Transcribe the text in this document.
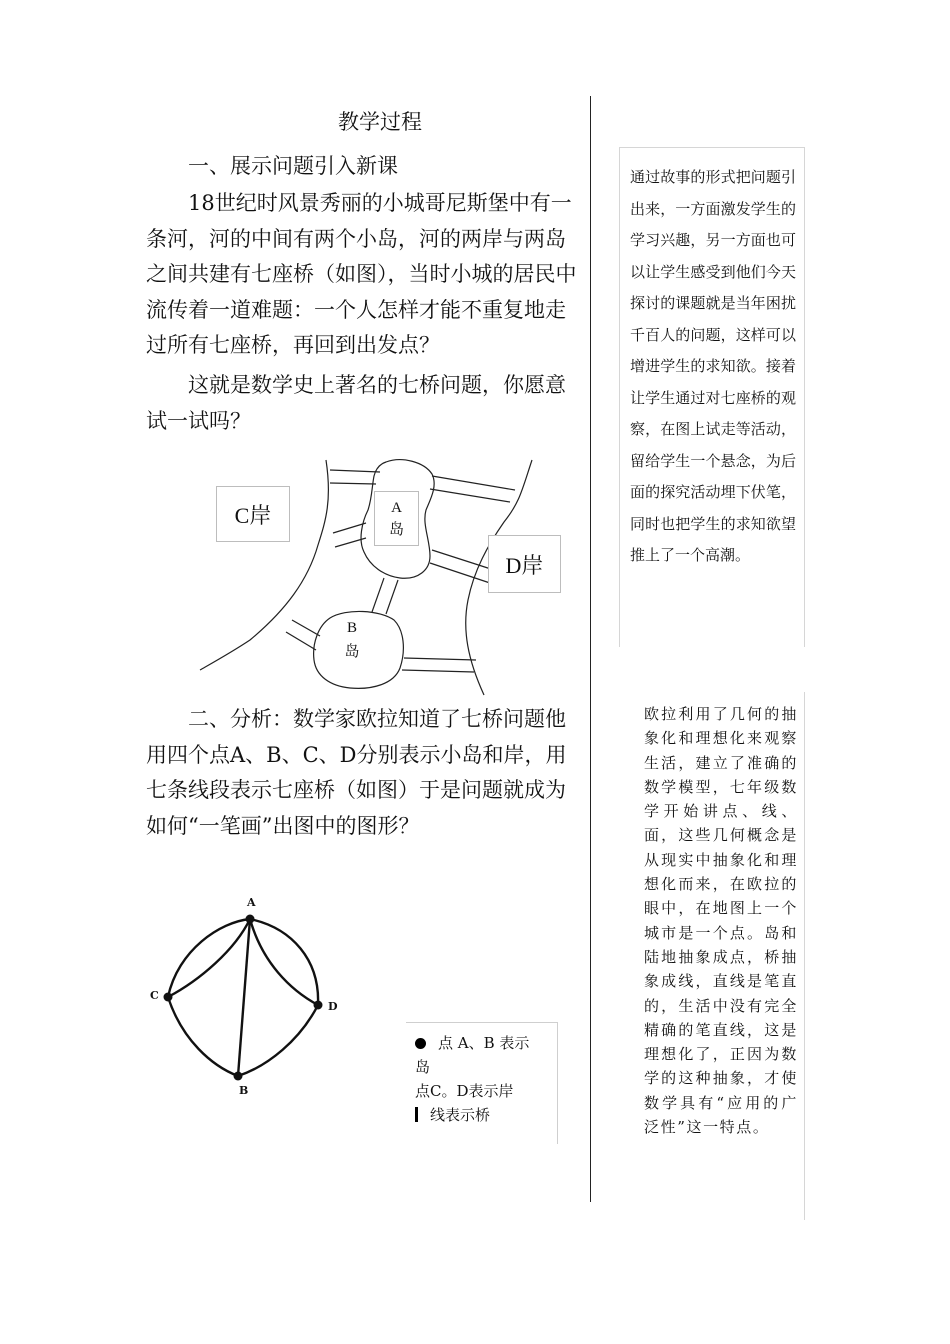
教学过程
一、展示问题引入新课

18世纪时风景秀丽的小城哥尼斯堡中有一条河，河的中间有两个小岛，河的两岸与两岛之间共建有七座桥（如图），当时小城的居民中流传着一道难题：一个人怎样才能不重复地走过所有七座桥，再回到出发点？

这就是数学史上著名的七桥问题，你愿意试一试吗？

C岸
D岸
A
岛
B
岛

二、分析：数学家欧拉知道了七桥问题他用四个点A、B、C、D分别表示小岛和岸，用七条线段表示七座桥（如图）于是问题就成为如何“一笔画”出图中的图形？

A
C
D
B
点 A、B 表示
岛
点C。D表示岸
线表示桥
通过故事的形式把问题引出来，一方面激发学生的学习兴趣，另一方面也可以让学生感受到他们今天探讨的课题就是当年困扰千百人的问题，这样可以增进学生的求知欲。接着让学生通过对七座桥的观察，在图上试走等活动，留给学生一个悬念，为后面的探究活动埋下伏笔，同时也把学生的求知欲望推上了一个高潮。
欧拉利用了几何的抽象化和理想化来观察生活，建立了准确的数学模型，七年级数学开始讲点、线、面，这些几何概念是从现实中抽象化和理想化而来，在欧拉的眼中，在地图上一个城市是一个点。岛和陆地抽象成点，桥抽象成线，直线是笔直的，生活中没有完全精确的笔直线，这是理想化了，正因为数学的这种抽象，才使数学具有“应用的广泛性”这一特点。
